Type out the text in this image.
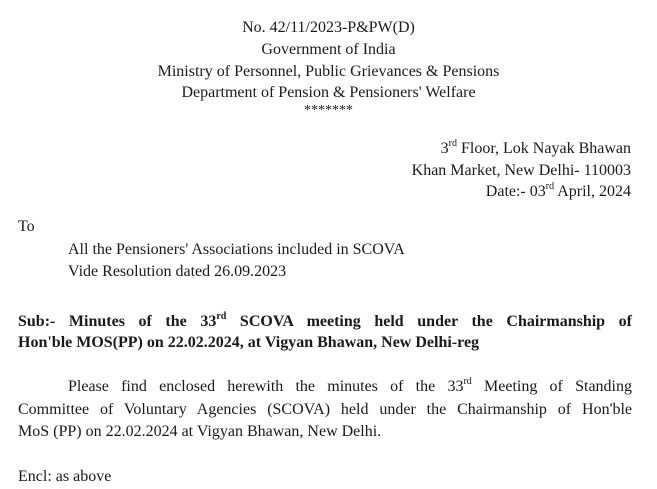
No. 42/11/2023-P&PW(D)
Government of India
Ministry of Personnel, Public Grievances & Pensions
Department of Pension & Pensioners' Welfare
*******
3rd Floor, Lok Nayak Bhawan
Khan Market, New Delhi- 110003
Date:- 03rd April, 2024
To
All the Pensioners' Associations included in SCOVA
Vide Resolution dated 26.09.2023
Sub:- Minutes of the 33rd SCOVA meeting held under the Chairmanship of
Hon'ble MOS(PP) on 22.02.2024, at Vigyan Bhawan, New Delhi-reg
Please find enclosed herewith the minutes of the 33rd Meeting of Standing
Committee of Voluntary Agencies (SCOVA) held under the Chairmanship of Hon'ble
MoS (PP) on 22.02.2024 at Vigyan Bhawan, New Delhi.
Encl: as above
